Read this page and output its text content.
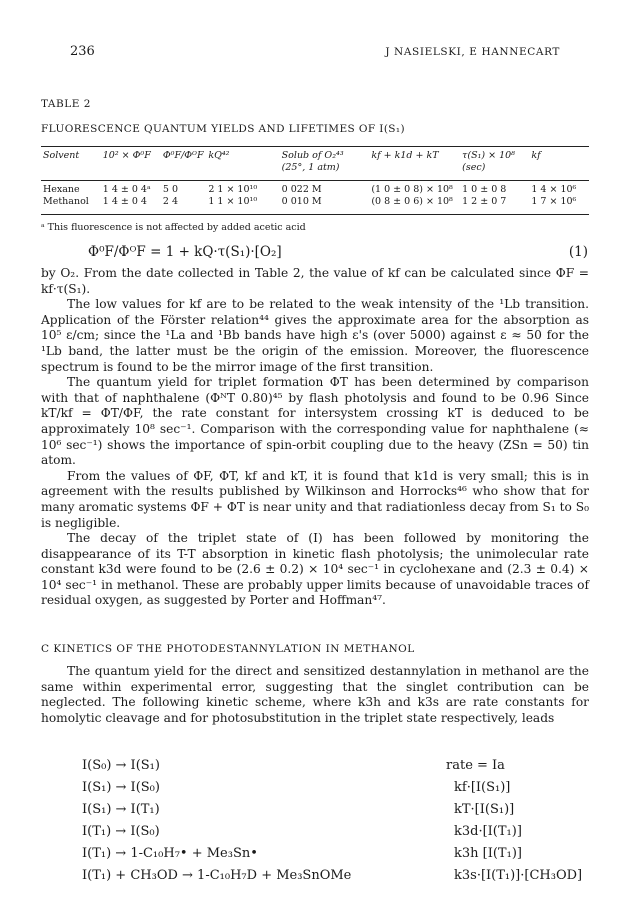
236	J NASIELSKI, E HANNECART
TABLE 2
FLUORESCENCE QUANTUM YIELDS AND LIFETIMES OF I(S₁)
Solvent	10² × Φ⁰F	Φ⁰F/ΦᴼF	kQ⁴²	Solub of O₂⁴³ (25°, 1 atm)	kf + k1d + kT	τ(S₁) × 10⁸ (sec)	kf

Hexane	1 4 ± 0 4ᵃ	5 0	2 1 × 10¹⁰	0 022 M	(1 0 ± 0 8) × 10⁸	1 0 ± 0 8	1 4 × 10⁶
Methanol	1 4 ± 0 4	2 4	1 1 × 10¹⁰	0 010 M	(0 8 ± 0 6) × 10⁸	1 2 ± 0 7	1 7 × 10⁶
ᵃ This fluorescence is not affected by added acetic acid
Φ⁰F/ΦᴼF = 1 + kQ·τ(S₁)·[O₂]	(1)

by O₂. From the date collected in Table 2, the value of kf can be calculated since ΦF = kf·τ(S₁).

The low values for kf are to be related to the weak intensity of the ¹Lb transition. Application of the Förster relation⁴⁴ gives the approximate area for the absorption as 10⁵ ε/cm; since the ¹La and ¹Bb bands have high ε's (over 5000) against ε ≈ 50 for the ¹Lb band, the latter must be the origin of the emission. Moreover, the fluorescence spectrum is found to be the mirror image of the first transition.

The quantum yield for triplet formation ΦT has been determined by comparison with that of naphthalene (ΦᴺT 0.80)⁴⁵ by flash photolysis and found to be 0.96 Since kT/kf = ΦT/ΦF, the rate constant for intersystem crossing kT is deduced to be approximately 10⁸ sec⁻¹. Comparison with the corresponding value for naphthalene (≈ 10⁶ sec⁻¹) shows the importance of spin-orbit coupling due to the heavy (ZSn = 50) tin atom.

From the values of ΦF, ΦT, kf and kT, it is found that k1d is very small; this is in agreement with the results published by Wilkinson and Horrocks⁴⁶ who show that for many aromatic systems ΦF + ΦT is near unity and that radiationless decay from S₁ to S₀ is negligible.

The decay of the triplet state of (I) has been followed by monitoring the disappearance of its T-T absorption in kinetic flash photolysis; the unimolecular rate constant k3d were found to be (2.6 ± 0.2) × 10⁴ sec⁻¹ in cyclohexane and (2.3 ± 0.4) × 10⁴ sec⁻¹ in methanol. These are probably upper limits because of unavoidable traces of residual oxygen, as suggested by Porter and Hoffman⁴⁷.

C KINETICS OF THE PHOTODESTANNYLATION IN METHANOL

The quantum yield for the direct and sensitized destannylation in methanol are the same within experimental error, suggesting that the singlet contribution can be neglected. The following kinetic scheme, where k3h and k3s are rate constants for homolytic cleavage and for photosubstitution in the triplet state respectively, leads

I(S₀) → I(S₁)	rate = Ia
I(S₁) → I(S₀)	kf·[I(S₁)]
I(S₁) → I(T₁)	kT·[I(S₁)]
I(T₁) → I(S₀)	k3d·[I(T₁)]
I(T₁) → 1-C₁₀H₇• + Me₃Sn•	k3h [I(T₁)]
I(T₁) + CH₃OD → 1-C₁₀H₇D + Me₃SnOMe	k3s·[I(T₁)]·[CH₃OD]
